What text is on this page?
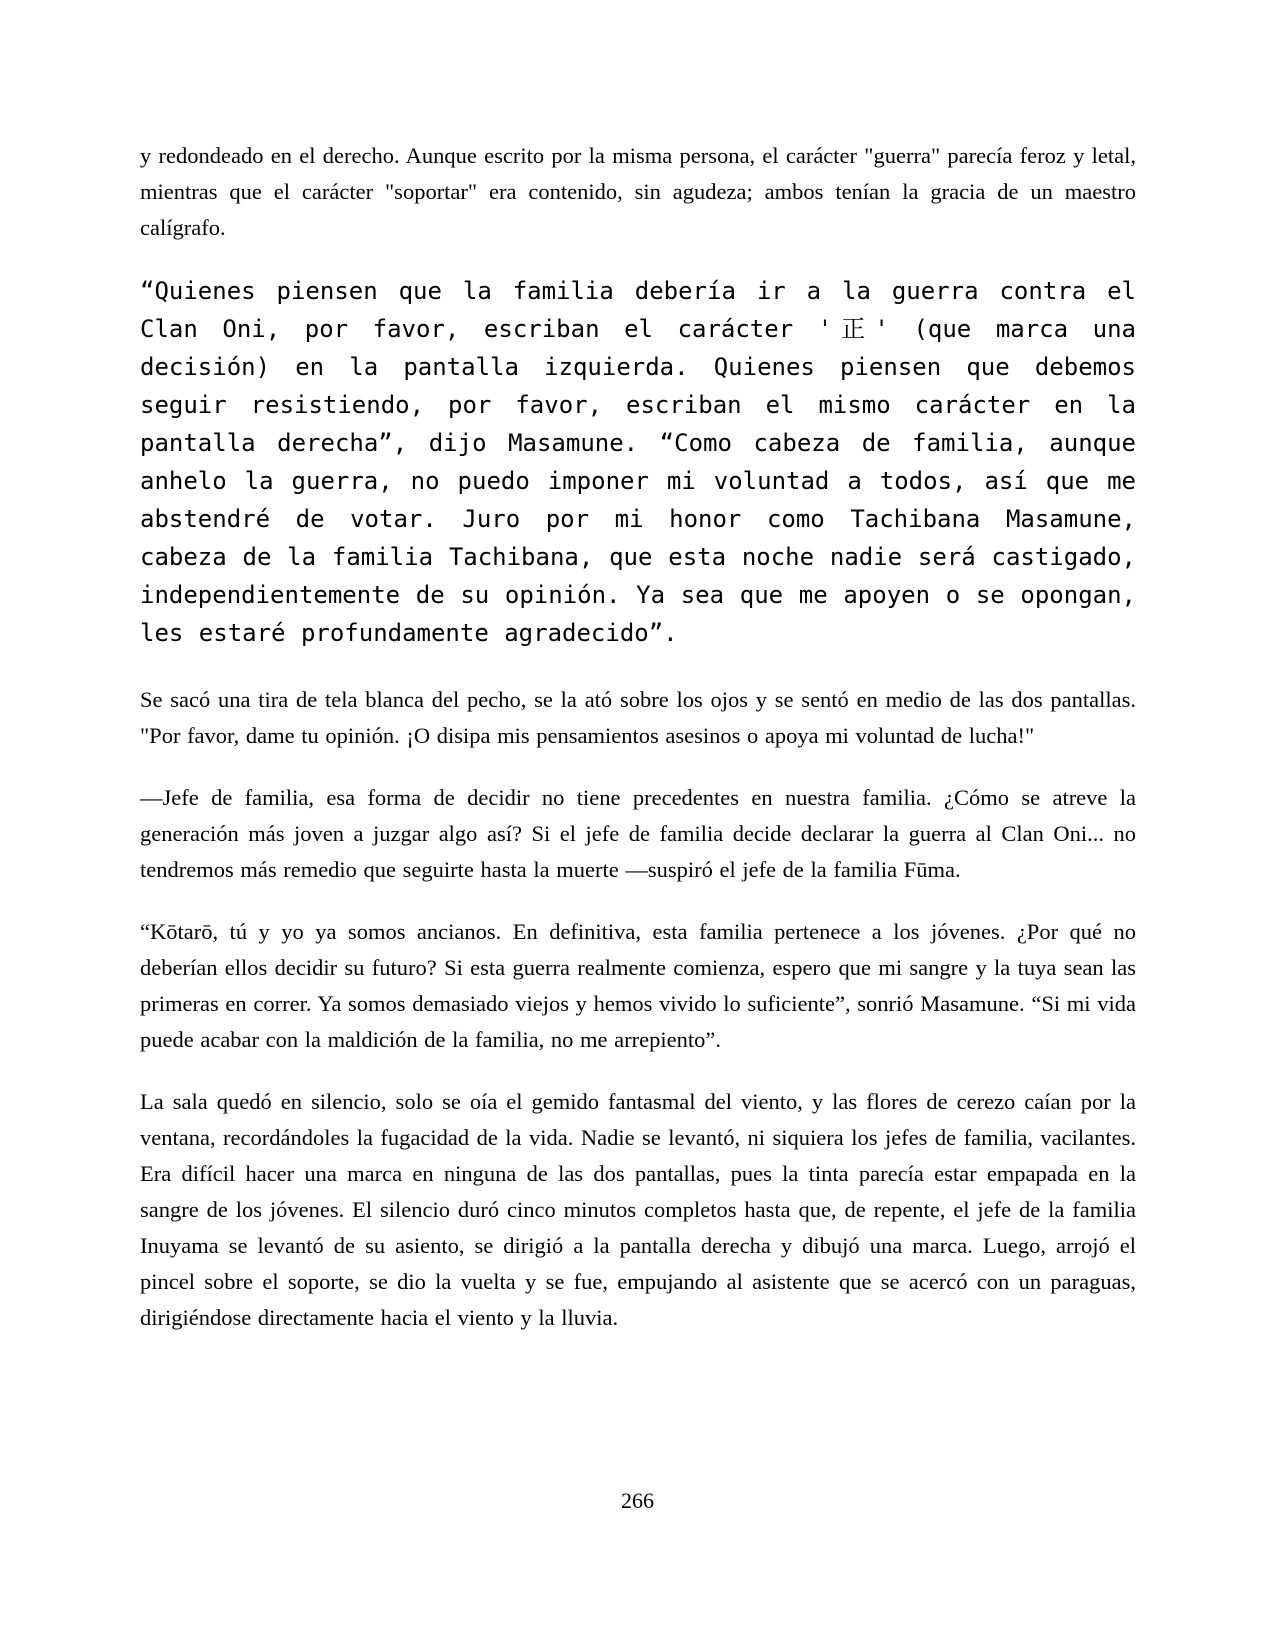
y redondeado en el derecho. Aunque escrito por la misma persona, el carácter "guerra" parecía feroz y letal, mientras que el carácter "soportar" era contenido, sin agudeza; ambos tenían la gracia de un maestro calígrafo.

“Quienes piensen que la familia debería ir a la guerra contra el Clan Oni, por favor, escriban el carácter '正' (que marca una decisión) en la pantalla izquierda. Quienes piensen que debemos seguir resistiendo, por favor, escriban el mismo carácter en la pantalla derecha”, dijo Masamune. “Como cabeza de familia, aunque anhelo la guerra, no puedo imponer mi voluntad a todos, así que me abstendré de votar. Juro por mi honor como Tachibana Masamune, cabeza de la familia Tachibana, que esta noche nadie será castigado, independientemente de su opinión. Ya sea que me apoyen o se opongan, les estaré profundamente agradecido”.

Se sacó una tira de tela blanca del pecho, se la ató sobre los ojos y se sentó en medio de las dos pantallas. "Por favor, dame tu opinión. ¡O disipa mis pensamientos asesinos o apoya mi voluntad de lucha!"

—Jefe de familia, esa forma de decidir no tiene precedentes en nuestra familia. ¿Cómo se atreve la generación más joven a juzgar algo así? Si el jefe de familia decide declarar la guerra al Clan Oni... no tendremos más remedio que seguirte hasta la muerte —suspiró el jefe de la familia Fūma.

“Kōtarō, tú y yo ya somos ancianos. En definitiva, esta familia pertenece a los jóvenes. ¿Por qué no deberían ellos decidir su futuro? Si esta guerra realmente comienza, espero que mi sangre y la tuya sean las primeras en correr. Ya somos demasiado viejos y hemos vivido lo suficiente”, sonrió Masamune. “Si mi vida puede acabar con la maldición de la familia, no me arrepiento”.

La sala quedó en silencio, solo se oía el gemido fantasmal del viento, y las flores de cerezo caían por la ventana, recordándoles la fugacidad de la vida. Nadie se levantó, ni siquiera los jefes de familia, vacilantes. Era difícil hacer una marca en ninguna de las dos pantallas, pues la tinta parecía estar empapada en la sangre de los jóvenes. El silencio duró cinco minutos completos hasta que, de repente, el jefe de la familia Inuyama se levantó de su asiento, se dirigió a la pantalla derecha y dibujó una marca. Luego, arrojó el pincel sobre el soporte, se dio la vuelta y se fue, empujando al asistente que se acercó con un paraguas, dirigiéndose directamente hacia el viento y la lluvia.

266
